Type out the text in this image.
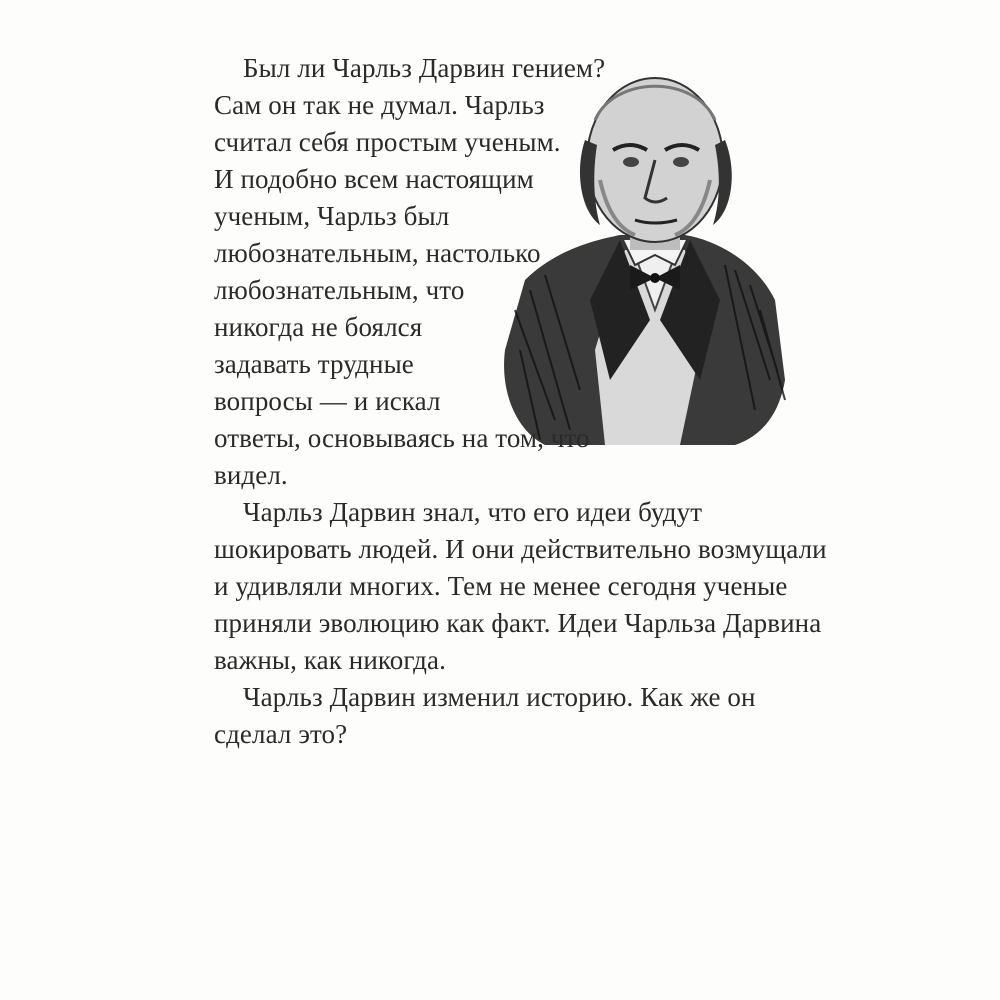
Был ли Чарльз Дарвин гением?
Сам он так не думал. Чарльз
считал себя простым ученым.
И подобно всем настоящим
ученым, Чарльз был
любознательным, настолько
любознательным, что
никогда не боялся
задавать трудные
вопросы — и искал
ответы, основываясь на том, что
видел.
Чарльз Дарвин знал, что его идеи будут
шокировать людей. И они действительно возмущали
и удивляли многих. Тем не менее сегодня ученые
приняли эволюцию как факт. Идеи Чарльза Дарвина
важны, как никогда.
Чарльз Дарвин изменил историю. Как же он
сделал это?
